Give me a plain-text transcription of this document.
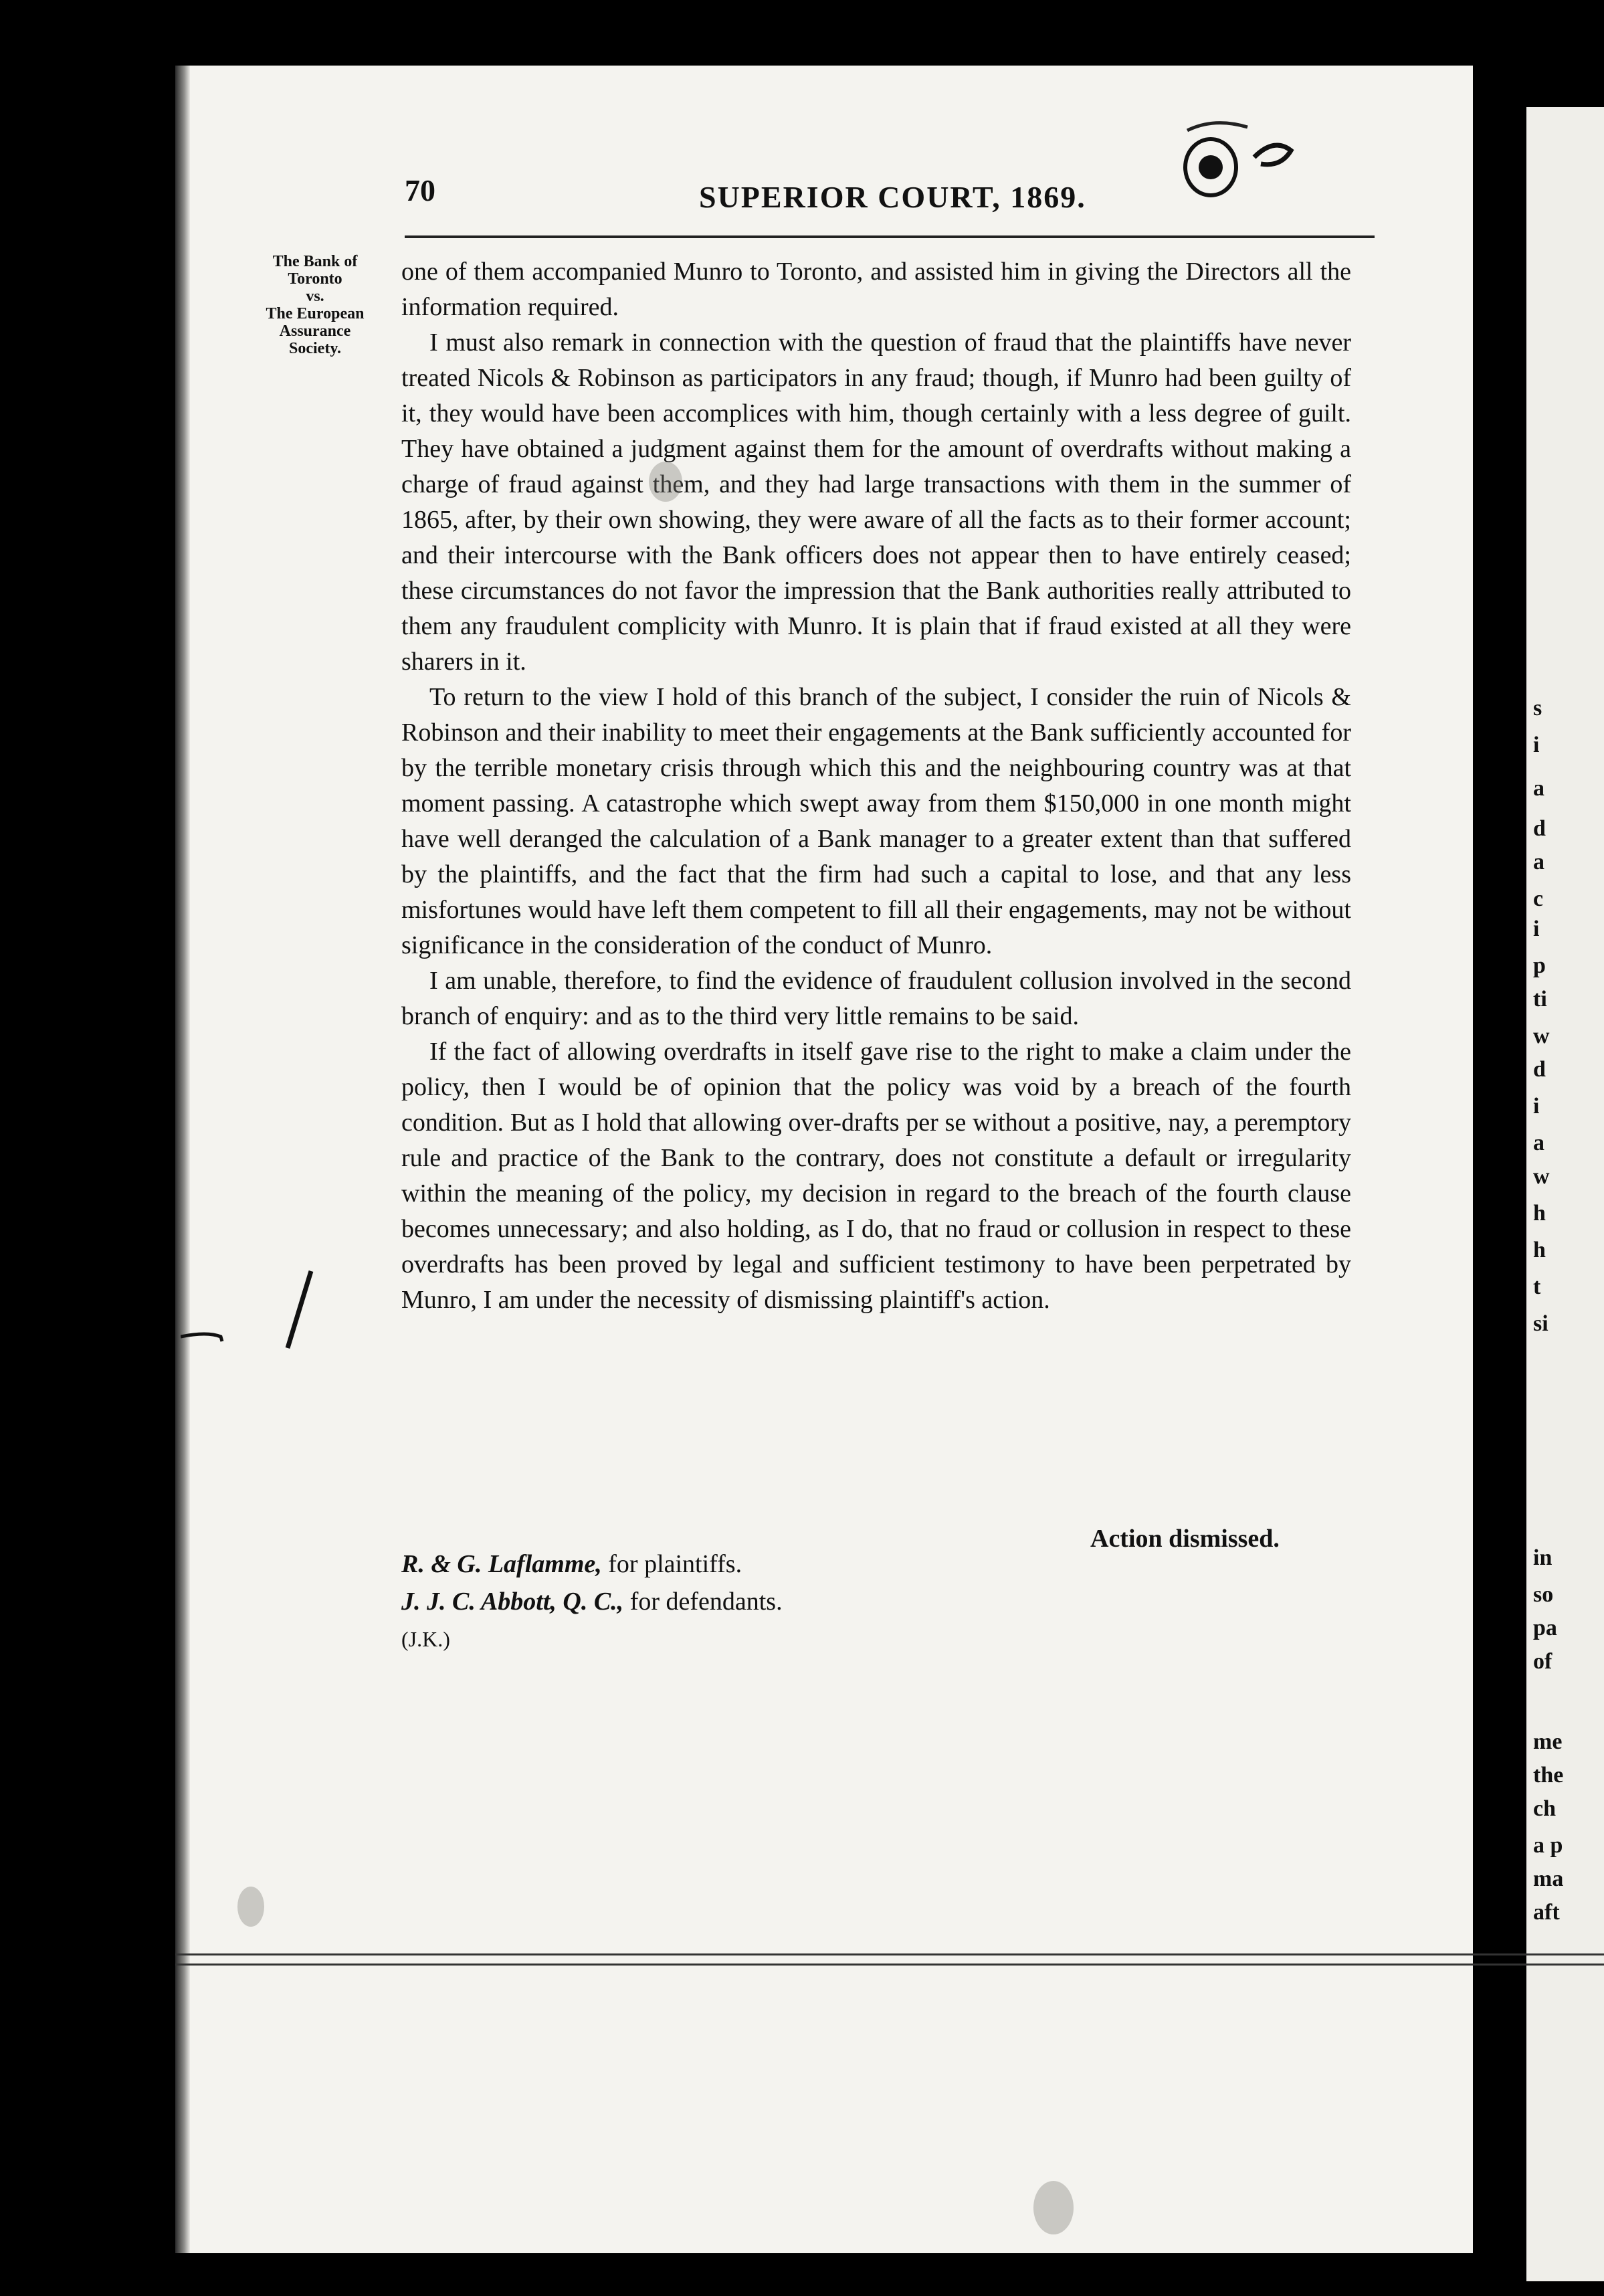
s
i
a
d
a
c
i
p
ti
w
d
i
a
w
h
h
t
si
in
so
pa
of
me
the
ch
a p
ma
aft
70	SUPERIOR COURT, 1869.
The Bank of
Toronto
vs.
The European
Assurance
Society.

one of them accompanied Munro to Toronto, and assisted him in giving the Directors all the information required.

I must also remark in connection with the question of fraud that the plaintiffs have never treated Nicols & Robinson as participators in any fraud; though, if Munro had been guilty of it, they would have been accomplices with him, though certainly with a less degree of guilt. They have obtained a judgment against them for the amount of overdrafts without making a charge of fraud against them, and they had large transactions with them in the summer of 1865, after, by their own showing, they were aware of all the facts as to their former account; and their intercourse with the Bank officers does not appear then to have entirely ceased; these circumstances do not favor the impression that the Bank authorities really attributed to them any fraudulent complicity with Munro. It is plain that if fraud existed at all they were sharers in it.

To return to the view I hold of this branch of the subject, I consider the ruin of Nicols & Robinson and their inability to meet their engagements at the Bank sufficiently accounted for by the terrible monetary crisis through which this and the neighbouring country was at that moment passing. A catastrophe which swept away from them $150,000 in one month might have well deranged the calculation of a Bank manager to a greater extent than that suffered by the plaintiffs, and the fact that the firm had such a capital to lose, and that any less misfortunes would have left them competent to fill all their engagements, may not be without significance in the consideration of the conduct of Munro.

I am unable, therefore, to find the evidence of fraudulent collusion involved in the second branch of enquiry: and as to the third very little remains to be said.

If the fact of allowing overdrafts in itself gave rise to the right to make a claim under the policy, then I would be of opinion that the policy was void by a breach of the fourth condition. But as I hold that allowing over-drafts per se without a positive, nay, a peremptory rule and practice of the Bank to the contrary, does not constitute a default or irregularity within the meaning of the policy, my decision in regard to the breach of the fourth clause becomes unnecessary; and also holding, as I do, that no fraud or collusion in respect to these overdrafts has been proved by legal and sufficient testimony to have been perpetrated by Munro, I am under the necessity of dismissing plaintiff's action.

Action dismissed.
R. & G. Laflamme, for plaintiffs.
J. J. C. Abbott, Q. C., for defendants.
(J.K.)
